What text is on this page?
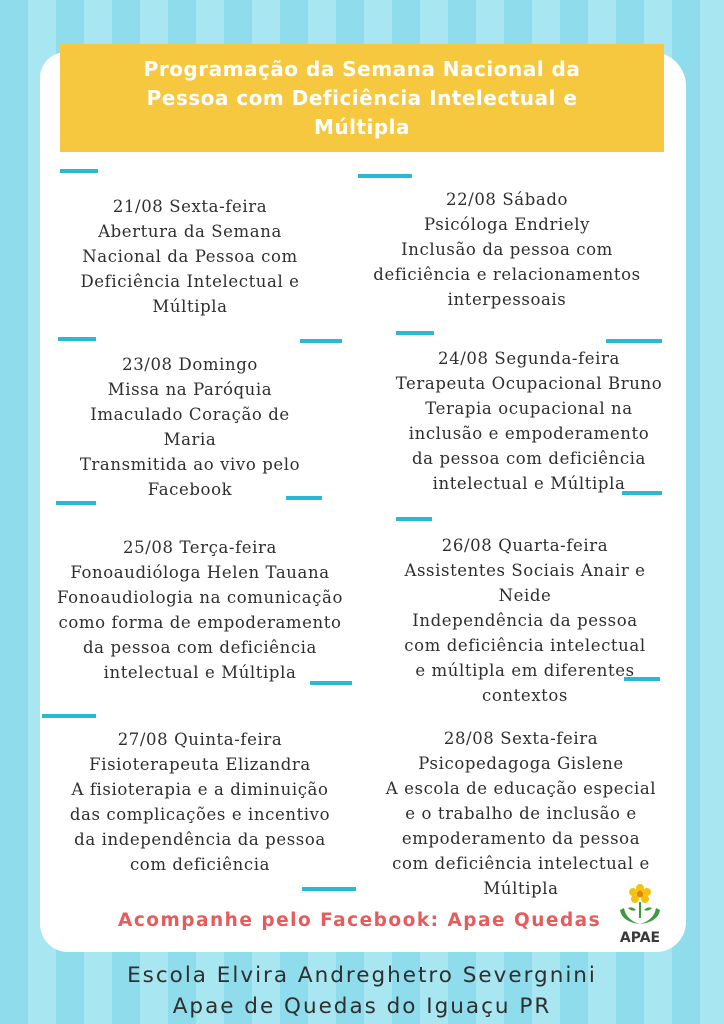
Programação da Semana Nacional da
Pessoa com Deficiência Intelectual e
Múltipla
21/08 Sexta-feira
Abertura da Semana
Nacional da Pessoa com
Deficiência Intelectual e
Múltipla
22/08 Sábado
Psicóloga Endriely
Inclusão da pessoa com
deficiência e relacionamentos
interpessoais
23/08 Domingo
Missa na Paróquia
Imaculado Coração de
Maria
Transmitida ao vivo pelo
Facebook
24/08 Segunda-feira
Terapeuta Ocupacional Bruno
Terapia ocupacional na
inclusão e empoderamento
da pessoa com deficiência
intelectual e Múltipla
25/08 Terça-feira
Fonoaudióloga Helen Tauana
Fonoaudiologia na comunicação
como forma de empoderamento
da pessoa com deficiência
intelectual e Múltipla
26/08 Quarta-feira
Assistentes Sociais Anair e
Neide
Independência da pessoa
com deficiência intelectual
e múltipla em diferentes
contextos
27/08 Quinta-feira
Fisioterapeuta Elizandra
A fisioterapia e a diminuição
das complicações e incentivo
da independência da pessoa
com deficiência
28/08 Sexta-feira
Psicopedagoga Gislene
A escola de educação especial
e o trabalho de inclusão e
empoderamento da pessoa
com deficiência intelectual e
Múltipla
Acompanhe pelo Facebook: Apae Quedas
APAE
Escola Elvira Andreghetro Severgnini
Apae de Quedas do Iguaçu PR
